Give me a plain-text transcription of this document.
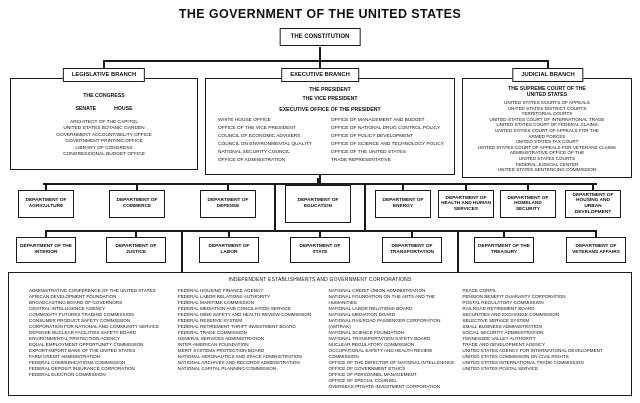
THE GOVERNMENT OF THE UNITED STATES
THE CONSTITUTION
LEGISLATIVE BRANCH	EXECUTIVE BRANCH	JUDICIAL BRANCH
THE CONGRESS
SENATE	HOUSE
ARCHITECT OF THE CAPITOL
UNITED STATES BOTANIC GARDEN
GOVERNMENT ACCOUNTABILITY OFFICE
GOVERNMENT PRINTING OFFICE
LIBRARY OF CONGRESS
CONGRESSIONAL BUDGET OFFICE
THE PRESIDENT
THE VICE PRESIDENT
EXECUTIVE OFFICE OF THE PRESIDENT
WHITE HOUSE OFFICE
OFFICE OF THE VICE PRESIDENT
COUNCIL OF ECONOMIC ADVISERS
COUNCIL ON ENVIRONMENTAL QUALITY
NATIONAL SECURITY COUNCIL
OFFICE OF ADMINISTRATION
OFFICE OF MANAGEMENT AND BUDGET
OFFICE OF NATIONAL DRUG CONTROL POLICY
OFFICE OF POLICY DEVELOPMENT
OFFICE OF SCIENCE AND TECHNOLOGY POLICY
OFFICE OF THE UNITED STATES
TRADE REPRESENTATIVE
THE SUPREME COURT OF THE
UNITED STATES
UNITED STATES COURTS OF APPEALS
UNITED STATES DISTRICT COURTS
TERRITORIAL COURTS
UNITED STATES COURT OF INTERNATIONAL TRADE
UNITED STATES COURT OF FEDERAL CLAIMS
UNITED STATES COURT OF APPEALS FOR THE
ARMED FORCES
UNITED STATES TAX COURT
UNITED STATES COURT OF APPEALS FOR VETERANS CLAIMS
ADMINISTRATIVE OFFICE OF THE
UNITED STATES COURTS
FEDERAL JUDICIAL CENTER
UNITED STATES SENTENCING COMMISSION
DEPARTMENT OF AGRICULTURE
DEPARTMENT OF COMMERCE
DEPARTMENT OF DEFENSE
DEPARTMENT OF EDUCATION
DEPARTMENT OF ENERGY
DEPARTMENT OF HEALTH AND HUMAN SERVICES
DEPARTMENT OF HOMELAND SECURITY
DEPARTMENT OF HOUSING AND URBAN DEVELOPMENT
DEPARTMENT OF THE INTERIOR
DEPARTMENT OF JUSTICE
DEPARTMENT OF LABOR
DEPARTMENT OF STATE
DEPARTMENT OF TRANSPORTATION
DEPARTMENT OF THE TREASURY
DEPARTMENT OF VETERANS AFFAIRS
INDEPENDENT ESTABLISHMENTS AND GOVERNMENT CORPORATIONS
ADMINISTRATIVE CONFERENCE OF THE UNITED STATES
AFRICAN DEVELOPMENT FOUNDATION
BROADCASTING BOARD OF GOVERNORS
CENTRAL INTELLIGENCE AGENCY
COMMODITY FUTURES TRADING COMMISSION
CONSUMER PRODUCT SAFETY COMMISSION
CORPORATION FOR NATIONAL AND COMMUNITY SERVICE
DEFENSE NUCLEAR FACILITIES SAFETY BOARD
ENVIRONMENTAL PROTECTION AGENCY
EQUAL EMPLOYMENT OPPORTUNITY COMMISSION
EXPORT-IMPORT BANK OF THE UNITED STATES
FARM CREDIT ADMINISTRATION
FEDERAL COMMUNICATIONS COMMISSION
FEDERAL DEPOSIT INSURANCE CORPORATION
FEDERAL ELECTION COMMISSION
FEDERAL HOUSING FINANCE AGENCY
FEDERAL LABOR RELATIONS AUTHORITY
FEDERAL MARITIME COMMISSION
FEDERAL MEDIATION AND CONCILIATION SERVICE
FEDERAL MINE SAFETY AND HEALTH REVIEW COMMISSION
FEDERAL RESERVE SYSTEM
FEDERAL RETIREMENT THRIFT INVESTMENT BOARD
FEDERAL TRADE COMMISSION
GENERAL SERVICES ADMINISTRATION
INTER-AMERICAN FOUNDATION
MERIT SYSTEMS PROTECTION BOARD
NATIONAL AERONAUTICS AND SPACE ADMINISTRATION
NATIONAL ARCHIVES AND RECORDS ADMINISTRATION
NATIONAL CAPITAL PLANNING COMMISSION
NATIONAL CREDIT UNION ADMINISTRATION
NATIONAL FOUNDATION ON THE ARTS AND THE HUMANITIES
NATIONAL LABOR RELATIONS BOARD
NATIONAL MEDIATION BOARD
NATIONAL RAILROAD PASSENGER CORPORATION (AMTRAK)
NATIONAL SCIENCE FOUNDATION
NATIONAL TRANSPORTATION SAFETY BOARD
NUCLEAR REGULATORY COMMISSION
OCCUPATIONAL SAFETY AND HEALTH REVIEW COMMISSION
OFFICE OF THE DIRECTOR OF NATIONAL INTELLIGENCE
OFFICE OF GOVERNMENT ETHICS
OFFICE OF PERSONNEL MANAGEMENT
OFFICE OF SPECIAL COUNSEL
OVERSEAS PRIVATE INVESTMENT CORPORATION
PEACE CORPS
PENSION BENEFIT GUARANTY CORPORATION
POSTAL REGULATORY COMMISSION
RAILROAD RETIREMENT BOARD
SECURITIES AND EXCHANGE COMMISSION
SELECTIVE SERVICE SYSTEM
SMALL BUSINESS ADMINISTRATION
SOCIAL SECURITY ADMINISTRATION
TENNESSEE VALLEY AUTHORITY
TRADE AND DEVELOPMENT AGENCY
UNITED STATES AGENCY FOR INTERNATIONAL DEVELOPMENT
UNITED STATES COMMISSION ON CIVIL RIGHTS
UNITED STATES INTERNATIONAL TRADE COMMISSION
UNITED STATES POSTAL SERVICE
